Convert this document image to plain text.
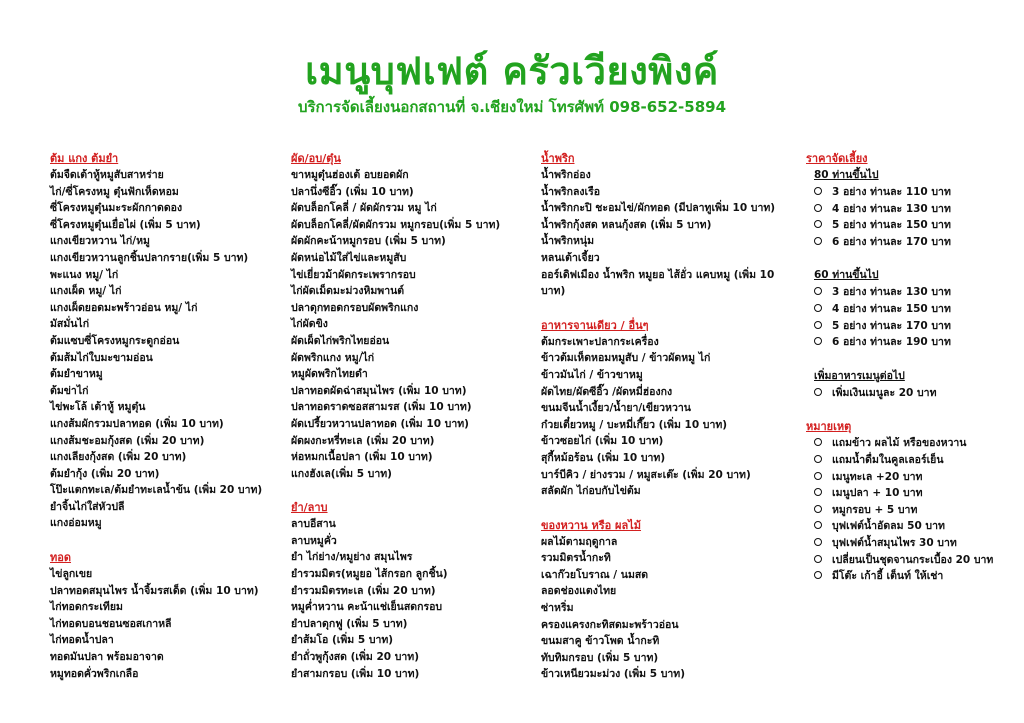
เมนูบุฟเฟต์ ครัวเวียงพิงค์
บริการจัดเลี้ยงนอกสถานที่ จ.เชียงใหม่ โทรศัพท์ 098-652-5894
ต้ม แกง ต้มยำ
ต้มจืดเต้าหู้หมูสับสาหร่าย
ไก่/ซี่โครงหมู ตุ๋นฟักเห็ดหอม
ซี่โครงหมูตุ๋นมะระผักกาดดอง
ซี่โครงหมูตุ๋นเยื่อไผ่ (เพิ่ม 5 บาท)
แกงเขียวหวาน ไก่/หมู
แกงเขียวหวานลูกชิ้นปลากราย(เพิ่ม 5 บาท)
พะแนง หมู/ ไก่
แกงเผ็ด หมู/ ไก่
แกงเผ็ดยอดมะพร้าวอ่อน หมู/ ไก่
มัสมั่นไก่
ต้มแซบซี่โครงหมูกระดูกอ่อน
ต้มส้มไก่ใบมะขามอ่อน
ต้มยำขาหมู
ต้มข่าไก่
ไข่พะโล้ เต้าหู้ หมูตุ๋น
แกงส้มผักรวมปลาทอด (เพิ่ม 10 บาท)
แกงส้มชะอมกุ้งสด (เพิ่ม 20 บาท)
แกงเลียงกุ้งสด (เพิ่ม 20 บาท)
ต้มยำกุ้ง (เพิ่ม 20 บาท)
โป๊ะแตกทะเล/ต้มยำทะเลน้ำข้น (เพิ่ม 20 บาท)
ยำจิ้นไก่ใส่หัวปลี
แกงอ่อมหมู
ทอด
ไข่ลูกเขย
ปลาทอดสมุนไพร น้ำจิ้มรสเด็ด (เพิ่ม 10 บาท)
ไก่ทอดกระเทียม
ไก่ทอดบอนชอนซอสเกาหลี
ไก่ทอดน้ำปลา
ทอดมันปลา พร้อมอาจาด
หมูทอดคั่วพริกเกลือ
ผัด/อบ/ตุ๋น
ขาหมูตุ๋นฮ่องเต้ อบยอดผัก
ปลานึ่งซีอิ๊ว (เพิ่ม 10 บาท)
ผัดบล็อกโคลี่ / ผัดผักรวม หมู ไก่
ผัดบล็อกโคลี่/ผัดผักรวม หมูกรอบ(เพิ่ม 5 บาท)
ผัดผักคะน้าหมูกรอบ (เพิ่ม 5 บาท)
ผัดหน่อไม้ใส่ไข่และหมูสับ
ไข่เยี่ยวม้าผัดกระเพรากรอบ
ไก่ผัดเม็ดมะม่วงหิมพานต์
ปลาดุกทอดกรอบผัดพริกแกง
ไก่ผัดขิง
ผัดเผ็ดไก่พริกไทยอ่อน
ผัดพริกแกง หมู/ไก่
หมูผัดพริกไทยดำ
ปลาทอดผัดฉ่าสมุนไพร (เพิ่ม 10 บาท)
ปลาทอดราดซอสสามรส (เพิ่ม 10 บาท)
ผัดเปรี้ยวหวานปลาทอด (เพิ่ม 10 บาท)
ผัดผงกะหรี่ทะเล (เพิ่ม 20 บาท)
ห่อหมกเนื้อปลา (เพิ่ม 10 บาท)
แกงฮังเล(เพิ่ม 5 บาท)
ยำ/ลาบ
ลาบอีสาน
ลาบหมูคั่ว
ยำ ไก่ย่าง/หมูย่าง สมุนไพร
ยำรวมมิตร(หมูยอ ไส้กรอก ลูกชิ้น)
ยำรวมมิตรทะเล (เพิ่ม 20 บาท)
หมูค่ำหวาน คะน้าแช่เย็นสดกรอบ
ยำปลาดุกฟู (เพิ่ม 5 บาท)
ยำส้มโอ (เพิ่ม 5 บาท)
ยำถั่วพูกุ้งสด (เพิ่ม 20 บาท)
ยำสามกรอบ (เพิ่ม 10 บาท)
น้ำพริก
น้ำพริกอ่อง
น้ำพริกลงเรือ
น้ำพริกกะปิ ชะอมไข่/ผักทอด (มีปลาทูเพิ่ม 10 บาท)
น้ำพริกกุ้งสด หลนกุ้งสด (เพิ่ม 5 บาท)
น้ำพริกหนุ่ม
หลนเต้าเจี้ยว
ออร์เดิฟเมือง น้ำพริก หมูยอ ไส้อั่ว แคบหมู (เพิ่ม 10 บาท)
อาหารจานเดียว / อื่นๆ
ต้มกระเพาะปลากระเครื่อง
ข้าวต้มเห็ดหอมหมูสับ / ข้าวผัดหมู ไก่
ข้าวมันไก่ / ข้าวขาหมู
ผัดไทย/ผัดซีอิ๊ว /ผัดหมี่ฮ่องกง
ขนมจีนน้ำเงี้ยว/น้ำยา/เขียวหวาน
ก๋วยเตี๋ยวหมู / บะหมี่เกี๊ยว (เพิ่ม 10 บาท)
ข้าวซอยไก่ (เพิ่ม 10 บาท)
สุกี้หม้อร้อน (เพิ่ม 10 บาท)
บาร์บีคิว / ย่างรวม / หมูสะเต๊ะ (เพิ่ม 20 บาท)
สลัดผัก ไก่อบกับไข่ต้ม
ของหวาน หรือ ผลไม้
ผลไม้ตามฤดูกาล
รวมมิตรน้ำกะทิ
เฉาก๊วยโบราณ / นมสด
ลอดช่องแตงไทย
ซ่าหริ่ม
ครองแครงกะทิสดมะพร้าวอ่อน
ขนมสาคู ข้าวโพด น้ำกะทิ
ทับทิมกรอบ (เพิ่ม 5 บาท)
ข้าวเหนียวมะม่วง (เพิ่ม 5 บาท)
ราคาจัดเลี้ยง
80 ท่านขึ้นไป
3 อย่าง ท่านละ 110 บาท
4 อย่าง ท่านละ 130 บาท
5 อย่าง ท่านละ 150 บาท
6 อย่าง ท่านละ 170 บาท
60 ท่านขึ้นไป
3 อย่าง ท่านละ 130 บาท
4 อย่าง ท่านละ 150 บาท
5 อย่าง ท่านละ 170 บาท
6 อย่าง ท่านละ 190 บาท
เพิ่มอาหารเมนูต่อไป
เพิ่มเงินเมนูละ 20 บาท
หมายเหตุ
แถมข้าว ผลไม้ หรือของหวาน
แถมน้ำดื่มในคูลเลอร์เย็น
เมนูทะเล +20 บาท
เมนูปลา + 10 บาท
หมูกรอบ + 5 บาท
บุฟเฟต์น้ำอัดลม 50 บาท
บุฟเฟต์น้ำสมุนไพร 30 บาท
เปลี่ยนเป็นชุดจานกระเบื้อง 20 บาท
มีโต๊ะ เก้าอี้ เต็นท์ ให้เช่า
